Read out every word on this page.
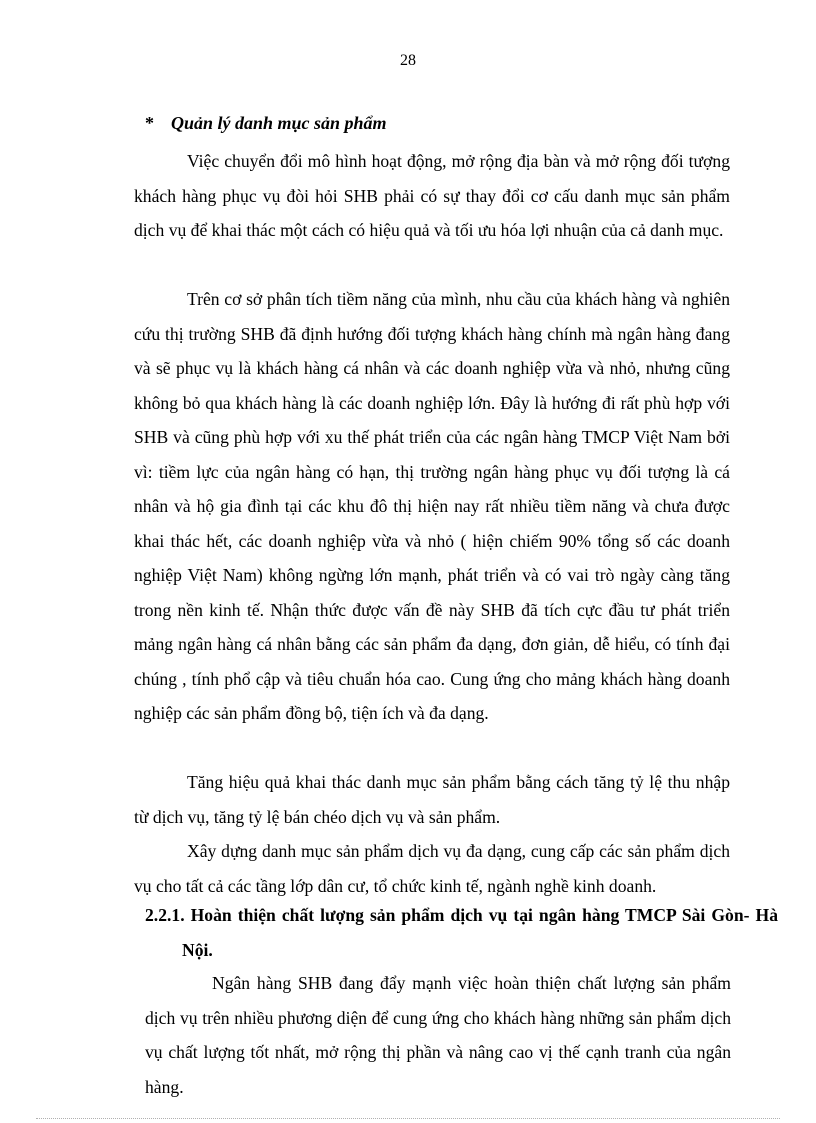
28
* Quản lý danh mục sản phẩm

Việc chuyển đổi mô hình hoạt động, mở rộng địa bàn và mở rộng đối tượng khách hàng phục vụ đòi hỏi SHB phải có sự thay đổi cơ cấu danh mục sản phẩm dịch vụ để khai thác một cách có hiệu quả và tối ưu hóa lợi nhuận của cả danh mục.

Trên cơ sở phân tích tiềm năng của mình, nhu cầu của khách hàng và nghiên cứu thị trường SHB đã định hướng đối tượng khách hàng chính mà ngân hàng đang và sẽ phục vụ là khách hàng cá nhân và các doanh nghiệp vừa và nhỏ, nhưng cũng không bỏ qua khách hàng là các doanh nghiệp lớn. Đây là hướng đi rất phù hợp với SHB và cũng phù hợp với xu thế phát triển của các ngân hàng TMCP Việt Nam bởi vì: tiềm lực của ngân hàng có hạn, thị trường ngân hàng phục vụ đối tượng là cá nhân và hộ gia đình tại các khu đô thị hiện nay rất nhiều tiềm năng và chưa được khai thác hết, các doanh nghiệp vừa và nhỏ ( hiện chiếm 90% tổng số các doanh nghiệp Việt Nam) không ngừng lớn mạnh, phát triển và có vai trò ngày càng tăng trong nền kinh tế. Nhận thức được vấn đề này SHB đã tích cực đầu tư phát triển mảng ngân hàng cá nhân bằng các sản phẩm đa dạng, đơn giản, dễ hiểu, có tính đại chúng , tính phổ cập và tiêu chuẩn hóa cao. Cung ứng cho mảng khách hàng doanh nghiệp các sản phẩm đồng bộ, tiện ích và đa dạng.

Tăng hiệu quả khai thác danh mục sản phẩm bằng cách tăng tỷ lệ thu nhập từ dịch vụ, tăng tỷ lệ bán chéo dịch vụ và sản phẩm.

Xây dựng danh mục sản phẩm dịch vụ đa dạng, cung cấp các sản phẩm dịch vụ cho tất cả các tầng lớp dân cư, tổ chức kinh tế, ngành nghề kinh doanh.

2.2.1. Hoàn thiện chất lượng sản phẩm dịch vụ tại ngân hàng TMCP Sài Gòn- Hà Nội.

Ngân hàng SHB đang đẩy mạnh việc hoàn thiện chất lượng sản phẩm dịch vụ trên nhiều phương diện để cung ứng cho khách hàng những sản phẩm dịch vụ chất lượng tốt nhất, mở rộng thị phần và nâng cao vị thế cạnh tranh của ngân hàng.
